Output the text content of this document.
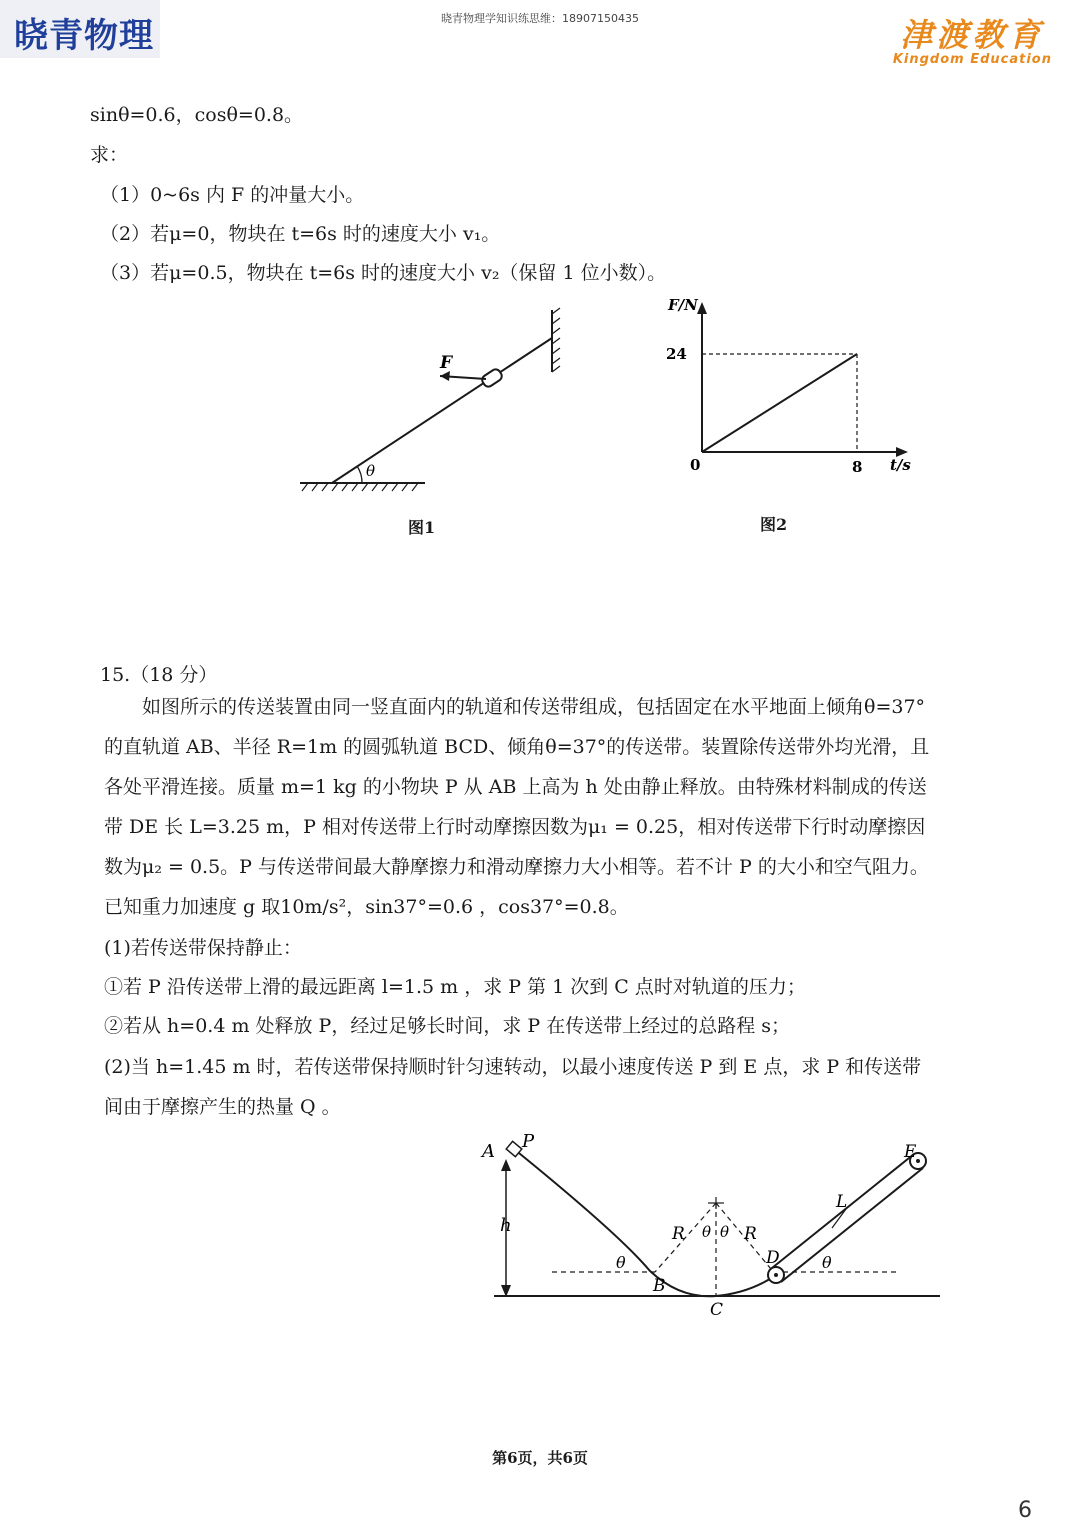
晓青物理	晓青物理学知识练思维：18907150435	津渡教育
Kingdom Education
sinθ=0.6，cosθ=0.8。
求：
（1）0~6s 内 F 的冲量大小。
（2）若μ=0，物块在 t=6s 时的速度大小 v₁。
（3）若μ=0.5，物块在 t=6s 时的速度大小 v₂（保留 1 位小数）。
F
θ
图1
F/N
t/s
24
0	8
图2
15.（18 分）
如图所示的传送装置由同一竖直面内的轨道和传送带组成，包括固定在水平地面上倾角θ=37°的直轨道 AB、半径 R=1m 的圆弧轨道 BCD、倾角θ=37°的传送带。装置除传送带外均光滑，且各处平滑连接。质量 m=1 kg 的小物块 P 从 AB 上高为 h 处由静止释放。由特殊材料制成的传送带 DE 长 L=3.25 m，P 相对传送带上行时动摩擦因数为μ₁ = 0.25，相对传送带下行时动摩擦因数为μ₂ = 0.5。P 与传送带间最大静摩擦力和滑动摩擦力大小相等。若不计 P 的大小和空气阻力。已知重力加速度 g 取10m/s²，sin37°=0.6 ，cos37°=0.8。
(1)若传送带保持静止：
①若 P 沿传送带上滑的最远距离 l=1.5 m ，求 P 第 1 次到 C 点时对轨道的压力；
②若从 h=0.4 m 处释放 P，经过足够长时间，求 P 在传送带上经过的总路程 s；
(2)当 h=1.45 m 时，若传送带保持顺时针匀速转动，以最小速度传送 P 到 E 点，求 P 和传送带间由于摩擦产生的热量 Q 。
A P
h
B
C
D
E
L
R	R
θ θ
θ	θ
第6页，共6页
6
